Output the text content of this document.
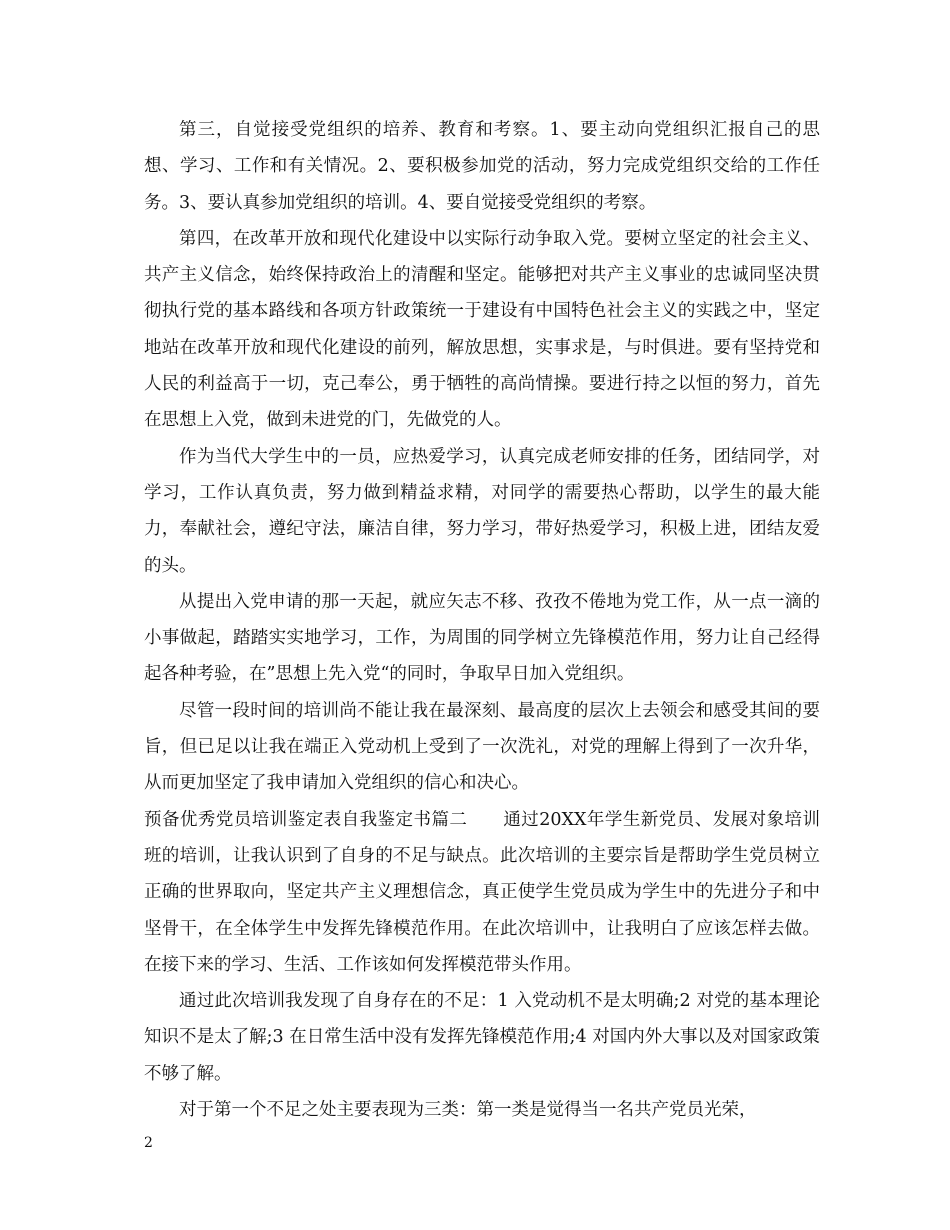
第三，自觉接受党组织的培养、教育和考察。1、要主动向党组织汇报自己的思想、学习、工作和有关情况。2、要积极参加党的活动，努力完成党组织交给的工作任务。3、要认真参加党组织的培训。4、要自觉接受党组织的考察。

第四，在改革开放和现代化建设中以实际行动争取入党。要树立坚定的社会主义、共产主义信念，始终保持政治上的清醒和坚定。能够把对共产主义事业的忠诚同坚决贯彻执行党的基本路线和各项方针政策统一于建设有中国特色社会主义的实践之中，坚定地站在改革开放和现代化建设的前列，解放思想，实事求是，与时俱进。要有坚持党和人民的利益高于一切，克己奉公，勇于牺牲的高尚情操。要进行持之以恒的努力，首先在思想上入党，做到未进党的门，先做党的人。

作为当代大学生中的一员，应热爱学习，认真完成老师安排的任务，团结同学，对学习，工作认真负责，努力做到精益求精，对同学的需要热心帮助，以学生的最大能力，奉献社会，遵纪守法，廉洁自律，努力学习，带好热爱学习，积极上进，团结友爱的头。

从提出入党申请的那一天起，就应矢志不移、孜孜不倦地为党工作，从一点一滴的小事做起，踏踏实实地学习，工作，为周围的同学树立先锋模范作用，努力让自己经得起各种考验，在”思想上先入党“的同时，争取早日加入党组织。

尽管一段时间的培训尚不能让我在最深刻、最高度的层次上去领会和感受其间的要旨，但已足以让我在端正入党动机上受到了一次洗礼，对党的理解上得到了一次升华，从而更加坚定了我申请加入党组织的信心和决心。

预备优秀党员培训鉴定表自我鉴定书篇二　　通过20XX年学生新党员、发展对象培训班的培训，让我认识到了自身的不足与缺点。此次培训的主要宗旨是帮助学生党员树立正确的世界取向，坚定共产主义理想信念，真正使学生党员成为学生中的先进分子和中坚骨干，在全体学生中发挥先锋模范作用。在此次培训中，让我明白了应该怎样去做。在接下来的学习、生活、工作该如何发挥模范带头作用。

通过此次培训我发现了自身存在的不足：1 入党动机不是太明确;2 对党的基本理论知识不是太了解;3 在日常生活中没有发挥先锋模范作用;4 对国内外大事以及对国家政策不够了解。

对于第一个不足之处主要表现为三类：第一类是觉得当一名共产党员光荣，

2
